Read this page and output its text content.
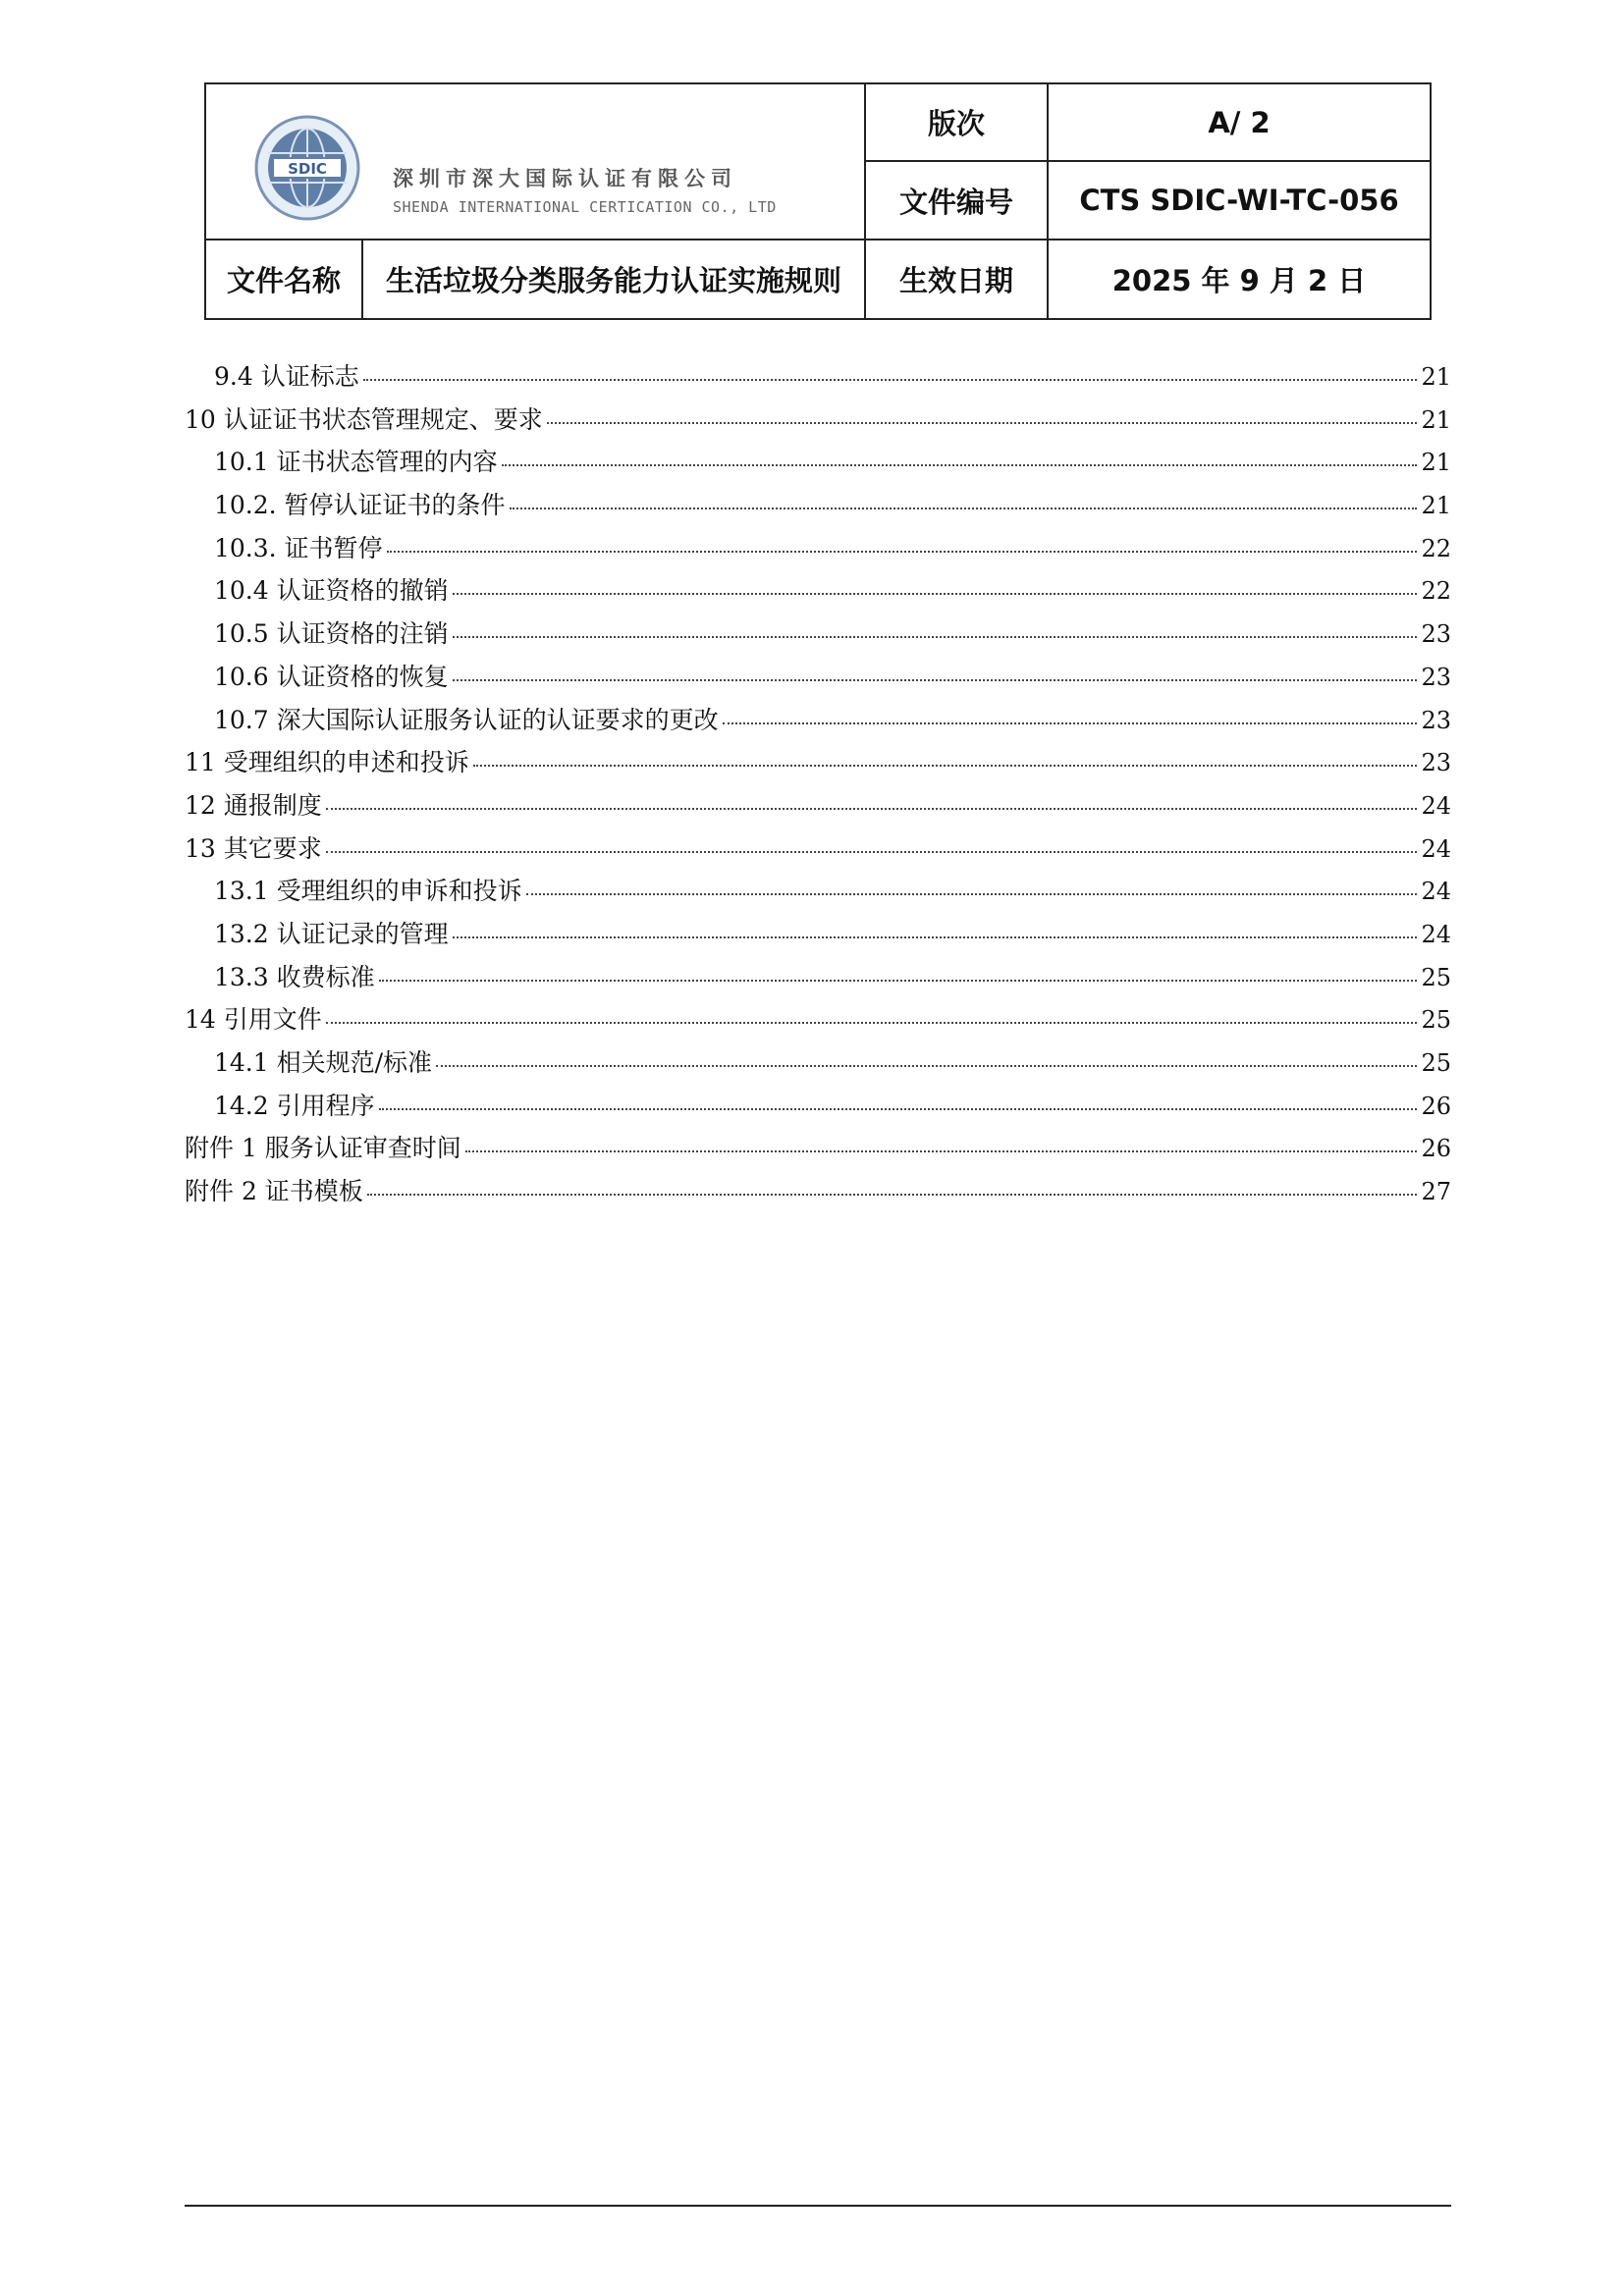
SDIC 深圳市深大国际认证有限公司
SHENDA INTERNATIONAL CERTICATION CO., LTD		版次	A/ 2
		文件编号	CTS SDIC-WI-TC-056
文件名称	生活垃圾分类服务能力认证实施规则	生效日期	2025 年 9 月 2 日
9.4 认证标志	21
10 认证证书状态管理规定、要求	21
10.1 证书状态管理的内容	21
10.2. 暂停认证证书的条件	21
10.3. 证书暂停	22
10.4 认证资格的撤销	22
10.5 认证资格的注销	23
10.6 认证资格的恢复	23
10.7 深大国际认证服务认证的认证要求的更改	23
11 受理组织的申述和投诉	23
12 通报制度	24
13 其它要求	24
13.1 受理组织的申诉和投诉	24
13.2 认证记录的管理	24
13.3 收费标准	25
14 引用文件	25
14.1 相关规范/标准	25
14.2 引用程序	26
附件 1 服务认证审查时间	26
附件 2 证书模板	27
